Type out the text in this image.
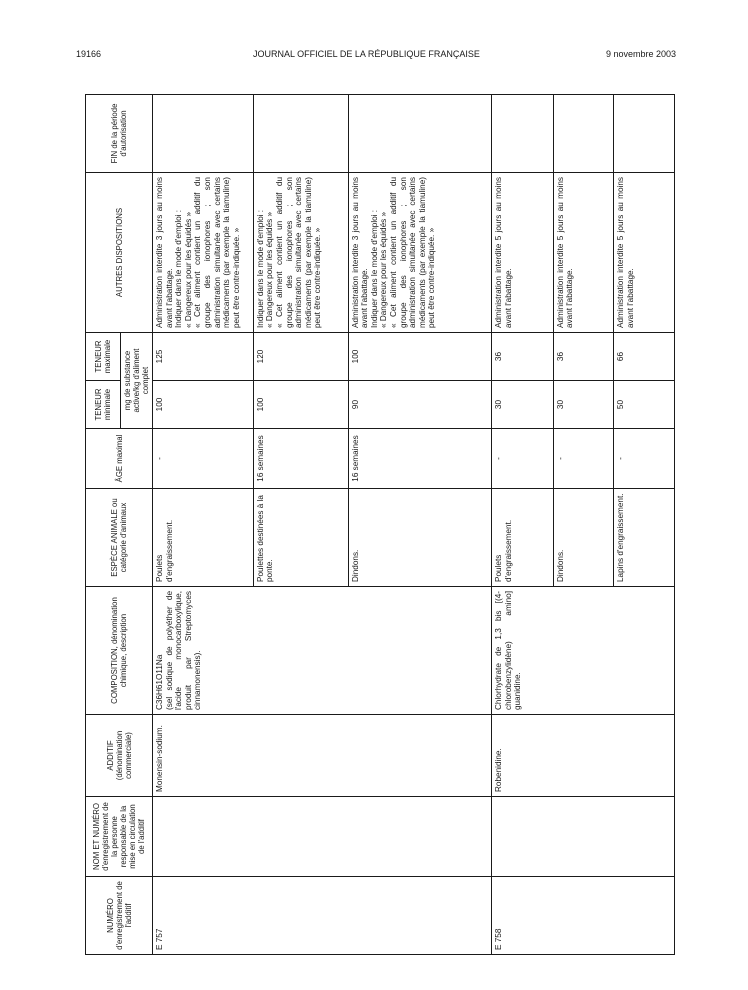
19166	JOURNAL OFFICIEL DE LA RÉPUBLIQUE FRANÇAISE	9 novembre 2003
NUMÉRO d'enregistrement de l'additif	NOM ET NUMÉRO d'enregistrement de la personne responsable de la mise en circulation de l'additif	ADDITIF (dénomination commerciale)	COMPOSITION, dénomination chimique, description	ESPÈCE ANIMALE ou catégorie d'animaux	ÂGE maximal	TENEUR minimale	TENEUR maximale	AUTRES DISPOSITIONS	FIN de la période d'autorisation
						mg de substance active/kg d'aliment complet			
E 757		Monensin-sodium.	C36H61O11Na (sel sodique de polyéther de l'acide monocarboxylique, produit par Streptomyces cinnamonensis).	Poulets d'engraissement.	-	100	125	Administration interdite 3 jours au moins avant l'abattage. Indiquer dans le mode d'emploi : « Dangereux pour les équidés » « Cet aliment contient un additif du groupe des ionophores ; son administration simultanée avec certains médicaments (par exemple la tiamuline) peut être contre-indiquée. »	

				Poulettes destinées à la ponte.	16 semaines	100	120	Indiquer dans le mode d'emploi : « Dangereux pour les équidés » « Cet aliment contient un additif du groupe des ionophores ; son administration simultanée avec certains médicaments (par exemple la tiamuline) peut être contre-indiquée. »	

				Dindons.	16 semaines	90	100	Administration interdite 3 jours au moins avant l'abattage. Indiquer dans le mode d'emploi : « Dangereux pour les équidés » « Cet aliment contient un additif du groupe des ionophores ; son administration simultanée avec certains médicaments (par exemple la tiamuline) peut être contre-indiquée. »	

E 758		Robenidine.	Chlorhydrate de 1,3 bis [(4-chlorobenzylidène) amino] guanidine.	Poulets d'engraissement.	-	30	36	Administration interdite 5 jours au moins avant l'abattage.	
				Dindons.	-	30	36	Administration interdite 5 jours au moins avant l'abattage.	
				Lapins d'engraissement.	-	50	66	Administration interdite 5 jours au moins avant l'abattage.	
